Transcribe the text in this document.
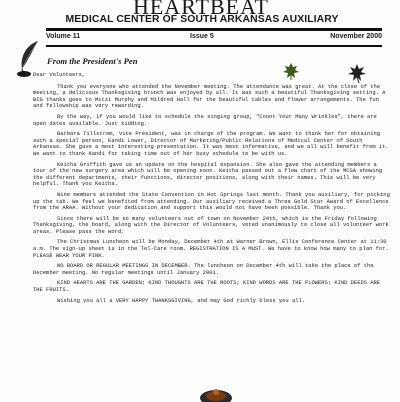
HEARTBEAT
MEDICAL CENTER OF SOUTH ARKANSAS AUXILIARY
Volume 11	Issue 5	November 2000
From the President's Pen
Dear Volunteers,

Thank you everyone who attended the November meeting. The attendance was great. At the close of the meeting, a delicious Thanksgiving brunch was enjoyed by all. It was such a beautiful Thanksgiving setting. A BIG thanks goes to Mitzi Murphy and Mildred Hall for the beautiful tables and flower arrangements. The fun and fellowship was very rewarding.

By the way, if you would like to schedule the singing group, "Count Your Many Wrinkles", there are open dates available. Just kidding.

Barbara Tillstrom, Vice President, was in charge of the program. We want to thank her for obtaining such a special person, Kandi Lower, Director of Marketing/Public Relations of Medical Center of South Arkansas. She gave a most interesting presentation. It was most informative, and we all will benefit from it. We want to thank Kandi for taking time out of her busy schedule to be with us.

Keitha Griffith gave us an update on the hospital expansion. She also gave the attending members a tour of the new surgery area which will be opening soon. Keitha passed out a flow chart of the MCSA showing the different departments, their functions, director positions, along with their names. This will be very helpful. Thank you Keitha.

Nine members attended the State Convention in Hot Springs last month. Thank you auxiliary, for picking up the tab. We feel we benefited from attending. Our auxiliary received a Three Gold Star Award of Excellence from the ARAA. Without your dedication and support this would not have been possible. Thank you.

Since there will be so many volunteers out of town on November 24th, which is the Friday following Thanksgiving, the board, along with the Director of Volunteers, voted unanimously to close all volunteer work areas. Please pass the word.

The Christmas Luncheon will be Monday, December 4th at Warner Brown, Ellis Conference Center at 11:30 a.m. The sign-up sheet is in the Tel-Care room. REGISTRATION IS A MUST. We have to know how many to plan for. PLEASE WEAR YOUR PINK.

NO BOARD OR REGULAR MEETINGS IN DECEMBER. The luncheon on December 4th will take the place of the December meeting. No regular meetings until January 2001.

KIND HEARTS ARE THE GARDEN; KIND THOUGHTS ARE THE ROOTS; KIND WORDS ARE THE FLOWERS; KIND DEEDS ARE THE FRUITS.

Wishing you all a VERY HAPPY THANKSGIVING, and may God richly bless you all.
